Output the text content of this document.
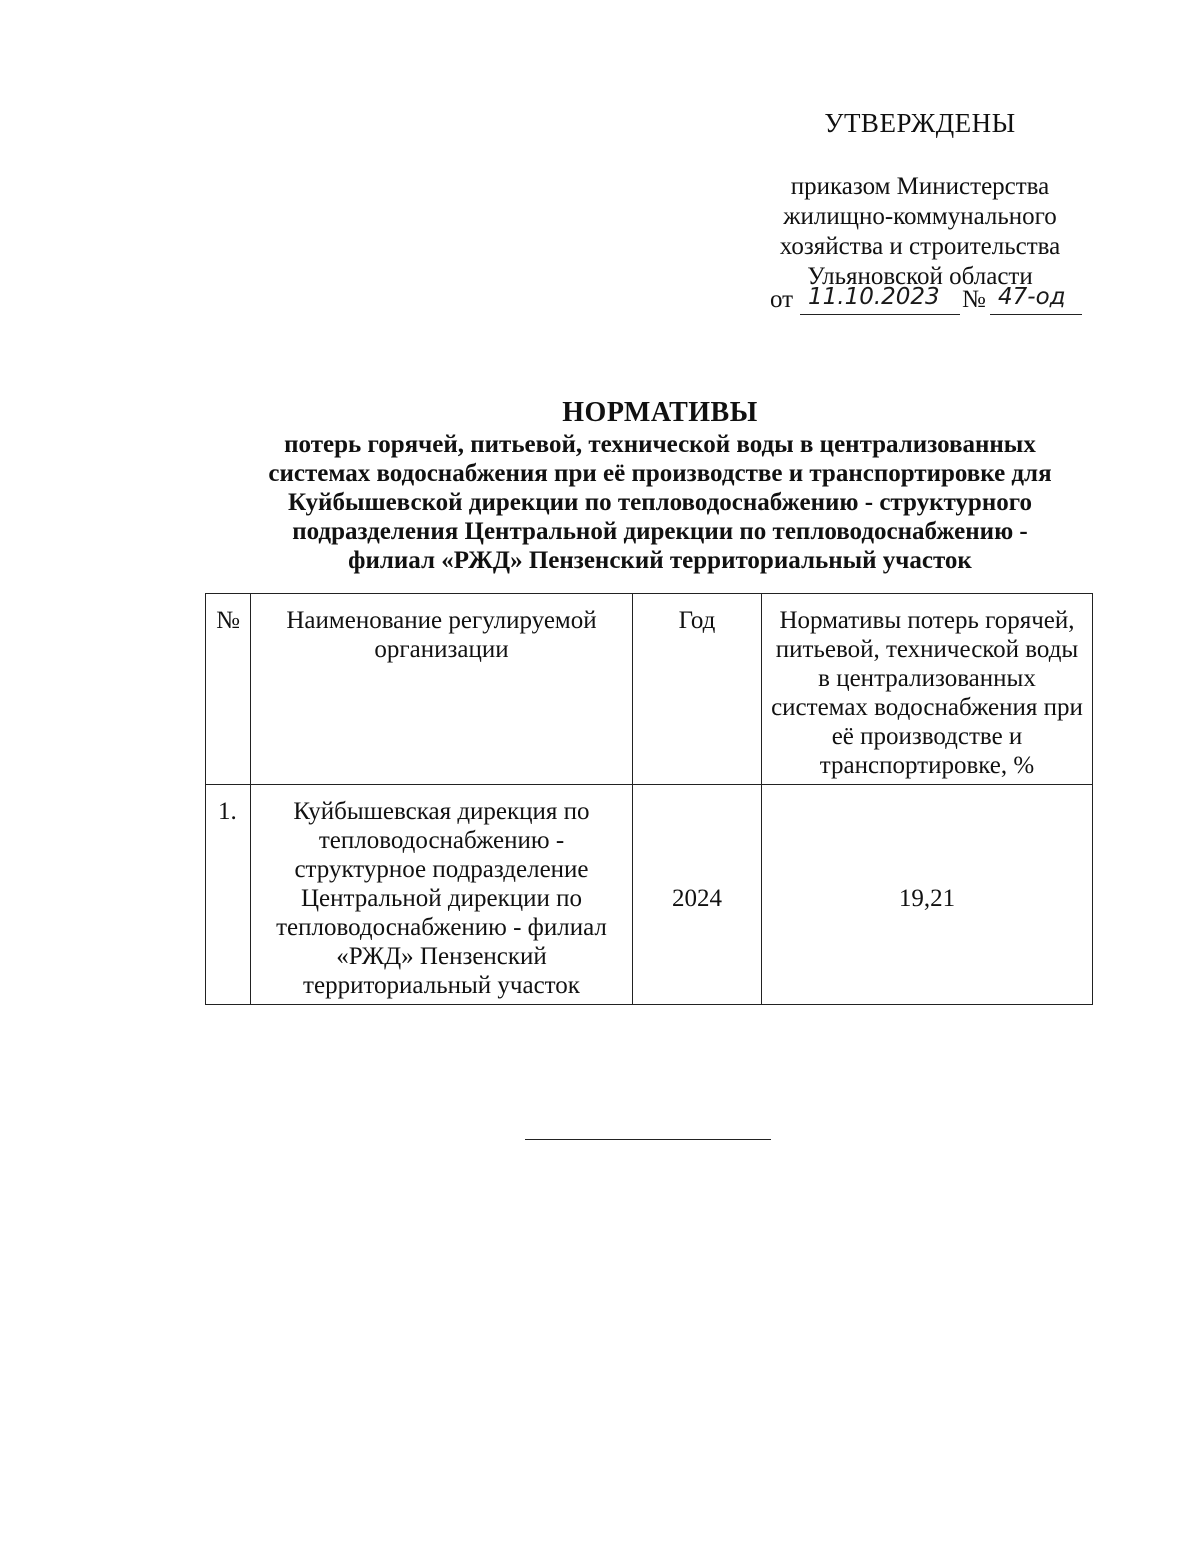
УТВЕРЖДЕНЫ
приказом Министерства
жилищно-коммунального
хозяйства и строительства
Ульяновской области
от 11.10.2023 № 47-од
НОРМАТИВЫ
потерь горячей, питьевой, технической воды в централизованных
системах водоснабжения при её производстве и транспортировке для
Куйбышевской дирекции по тепловодоснабжению - структурного
подразделения Центральной дирекции по тепловодоснабжению -
филиал «РЖД» Пензенский территориальный участок
№	Наименование регулируемой организации	Год	Нормативы потерь горячей, питьевой, технической воды в централизованных системах водоснабжения при её производстве и транспортировке, %
1.	Куйбышевская дирекция по тепловодоснабжению - структурное подразделение Центральной дирекции по тепловодоснабжению - филиал «РЖД» Пензенский территориальный участок	2024	19,21
